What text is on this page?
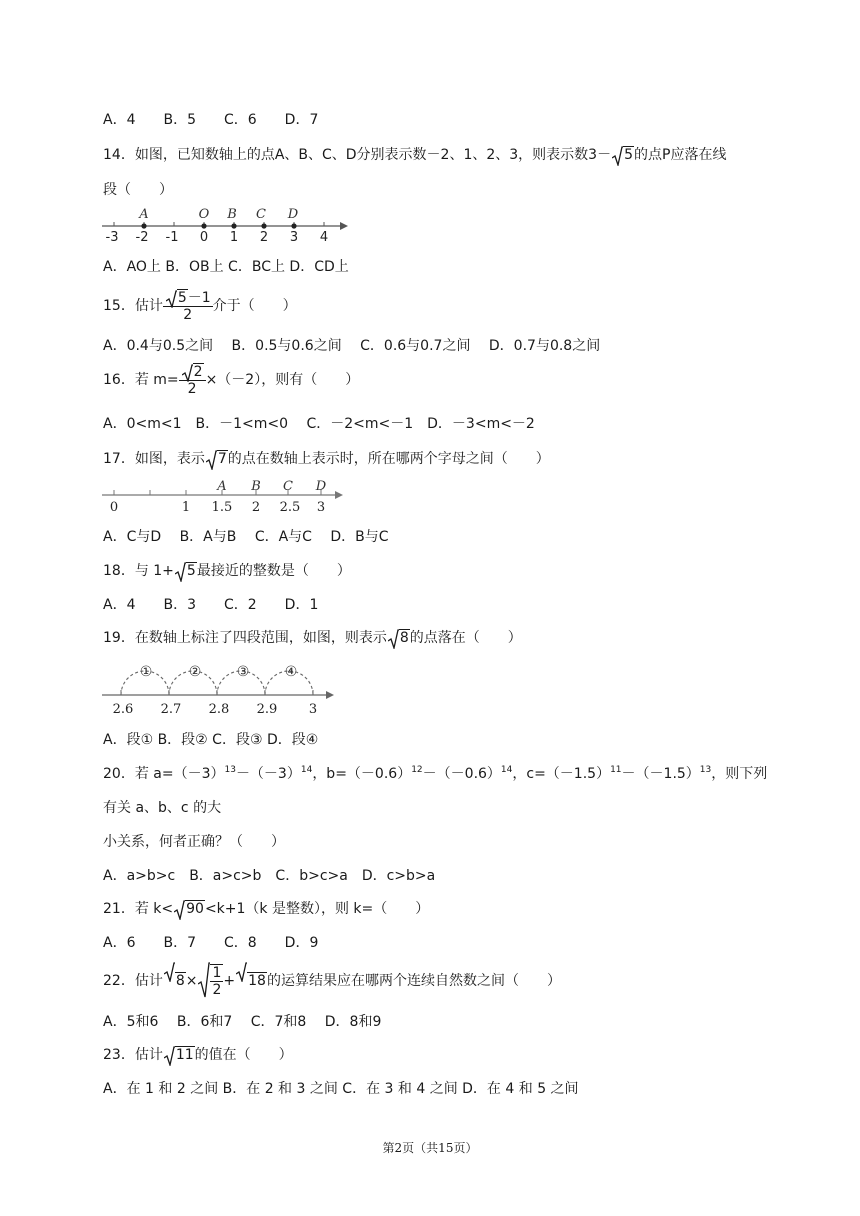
A．4　　B．5　　C．6　　D．7
14．如图，已知数轴上的点A、B、C、D分别表示数－2、1、2、3，则表示数3－ 5的点P应落在线
段（　　）
A	O B C D
-3 -2 -1 0 1 2 3 4
A．AO上 B．OB上 C．BC上 D．CD上
15．估计 $\frac{5-1}{2}$ 介于（　　）
A．0.4与0.5之间　 B．0.5与0.6之间　 C．0.6与0.7之间　 D．0.7与0.8之间
16．若 $m= \frac{2}{2} \times(-2)$，则有（　　）
A．0<m<1　B．－1<m<0　 C．－2<m<－1　D．－3<m<－2
17．如图，表示 7的点在数轴上表示时，所在哪两个字母之间（　　）
A B C D
0	1 1.5 2 2.5 3
A．C与D　 B．A与B　 C．A与C　 D．B与C
18．与 1+ 5最接近的整数是（　　）
A．4　　B．3　　C．2　　D．1
19．在数轴上标注了四段范围，如图，则表示 8的点落在（　　）
①	②	③	④
2.6 2.7 2.8 2.9 3
A．段① B．段② C．段③ D．段④
20．若 $a=(-3)^{13}-(-3)^{14}$，$b=(-0.6)^{12}-(-0.6)^{14}$，$c=(-1.5)^{11}-(-1.5)^{13}$，则下列
有关 a、b、c 的大
小关系，何者正确？（　　）
A．a>b>c　B．a>c>b　C．b>c>a　D．c>b>a
21．若 k< 90<k+1（k 是整数），则 k=（　　）
A．6　　B．7　　C．8　　D．9
22．估计 $8\times \frac{1}{2} + 18$的运算结果应在哪两个连续自然数之间（　　）
A．5和6　 B．6和7　 C．7和8　 D．8和9
23．估计 11的值在（　　）
A．在 1 和 2 之间 B．在 2 和 3 之间 C．在 3 和 4 之间 D．在 4 和 5 之间
第2页（共15页）
